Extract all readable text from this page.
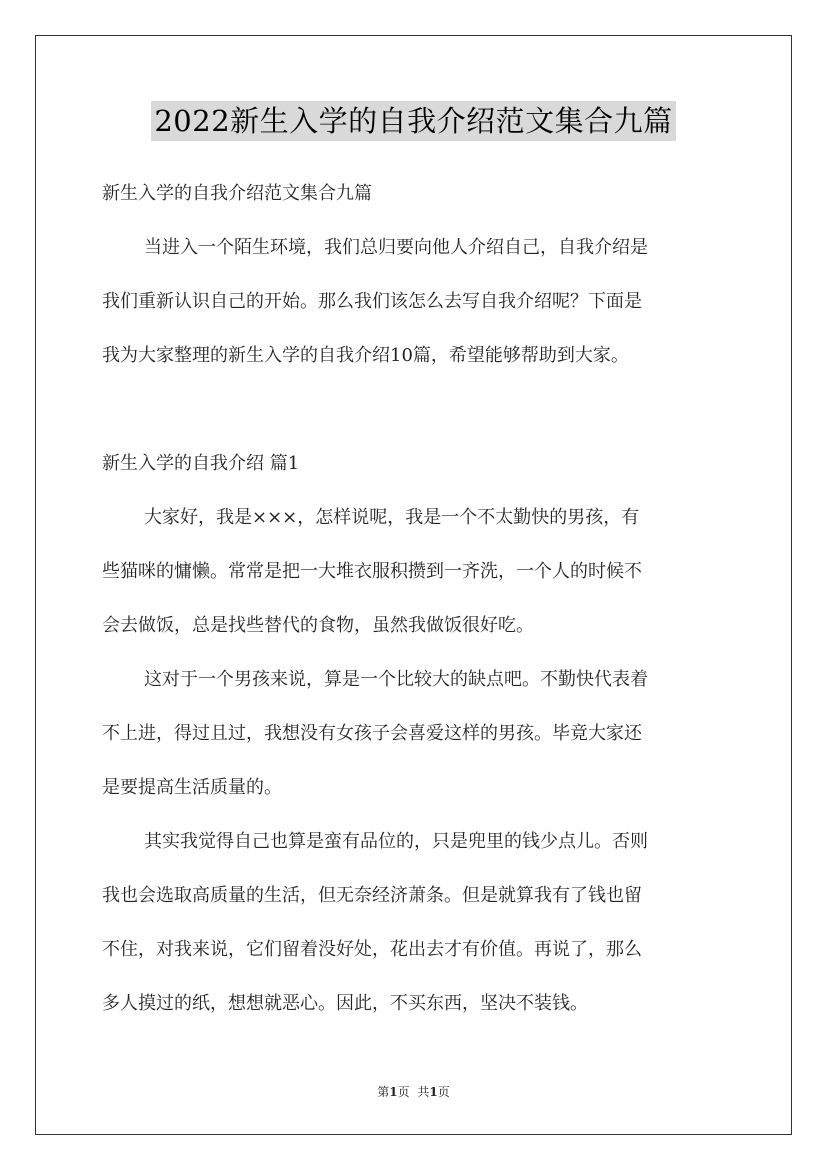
2022新生入学的自我介绍范文集合九篇
新生入学的自我介绍范文集合九篇
当进入一个陌生环境，我们总归要向他人介绍自己，自我介绍是
我们重新认识自己的开始。那么我们该怎么去写自我介绍呢？下面是
我为大家整理的新生入学的自我介绍10篇，希望能够帮助到大家。
新生入学的自我介绍 篇1
大家好，我是×××，怎样说呢，我是一个不太勤快的男孩，有
些猫咪的慵懒。常常是把一大堆衣服积攒到一齐洗，一个人的时候不
会去做饭，总是找些替代的食物，虽然我做饭很好吃。
这对于一个男孩来说，算是一个比较大的缺点吧。不勤快代表着
不上进，得过且过，我想没有女孩子会喜爱这样的男孩。毕竟大家还
是要提高生活质量的。
其实我觉得自己也算是蛮有品位的，只是兜里的钱少点儿。否则
我也会选取高质量的生活，但无奈经济萧条。但是就算我有了钱也留
不住，对我来说，它们留着没好处，花出去才有价值。再说了，那么
多人摸过的纸，想想就恶心。因此，不买东西，坚决不装钱。
第1页 共1页
